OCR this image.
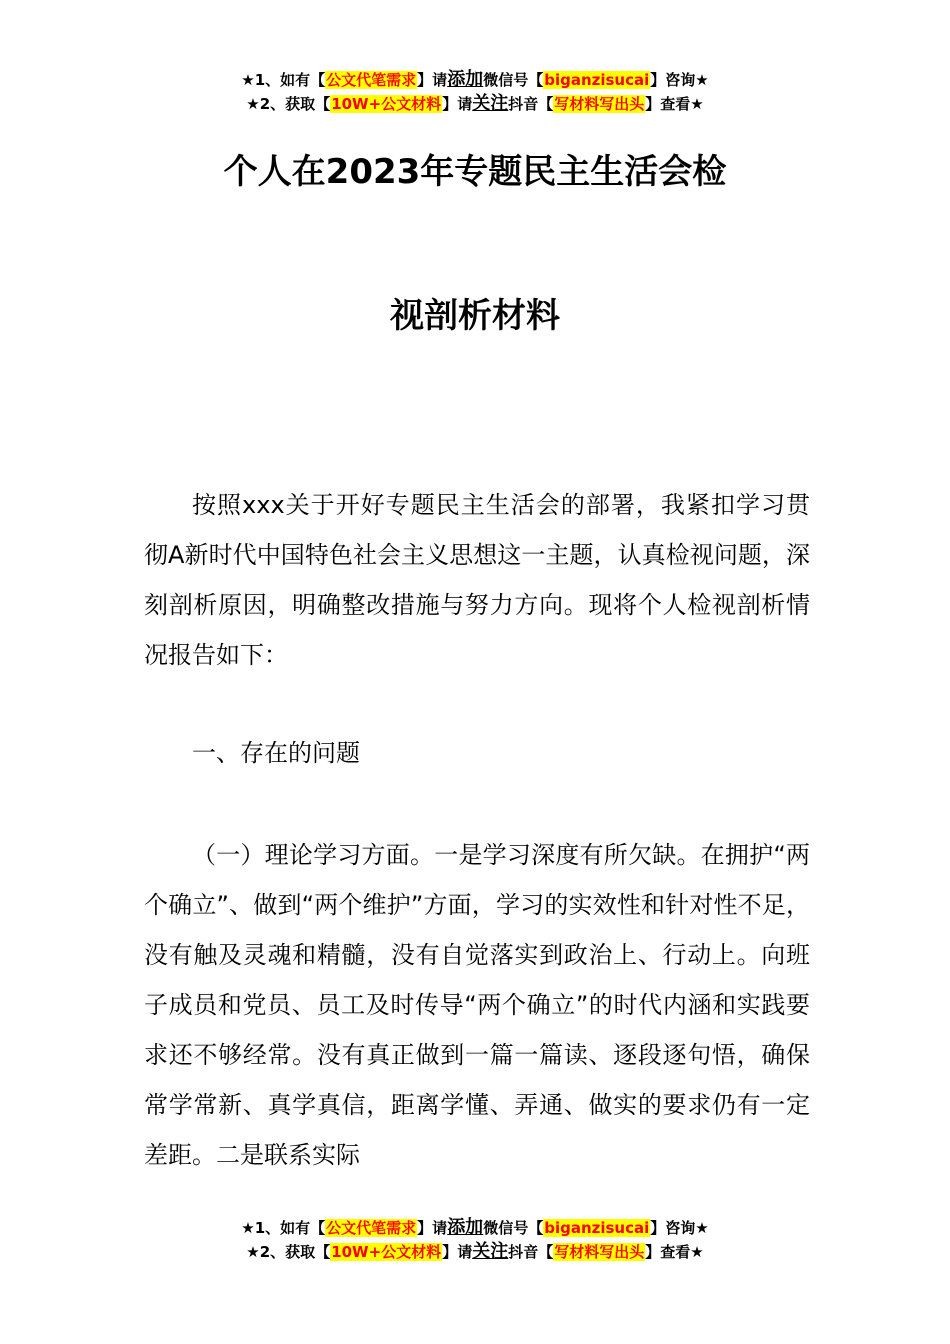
★1、如有【公文代笔需求】请添加微信号【biganzisucai】咨询★
★2、获取【10W+公文材料】请关注抖音【写材料写出头】查看★
个人在2023年专题民主生活会检
视剖析材料

按照xxx关于开好专题民主生活会的部署，我紧扣学习贯彻A新时代中国特色社会主义思想这一主题，认真检视问题，深刻剖析原因，明确整改措施与努力方向。现将个人检视剖析情况报告如下：

一、存在的问题

（一）理论学习方面。一是学习深度有所欠缺。在拥护“两个确立”、做到“两个维护”方面，学习的实效性和针对性不足，没有触及灵魂和精髓，没有自觉落实到政治上、行动上。向班子成员和党员、员工及时传导“两个确立”的时代内涵和实践要求还不够经常。没有真正做到一篇一篇读、逐段逐句悟，确保常学常新、真学真信，距离学懂、弄通、做实的要求仍有一定差距。二是联系实际

★1、如有【公文代笔需求】请添加微信号【biganzisucai】咨询★
★2、获取【10W+公文材料】请关注抖音【写材料写出头】查看★
